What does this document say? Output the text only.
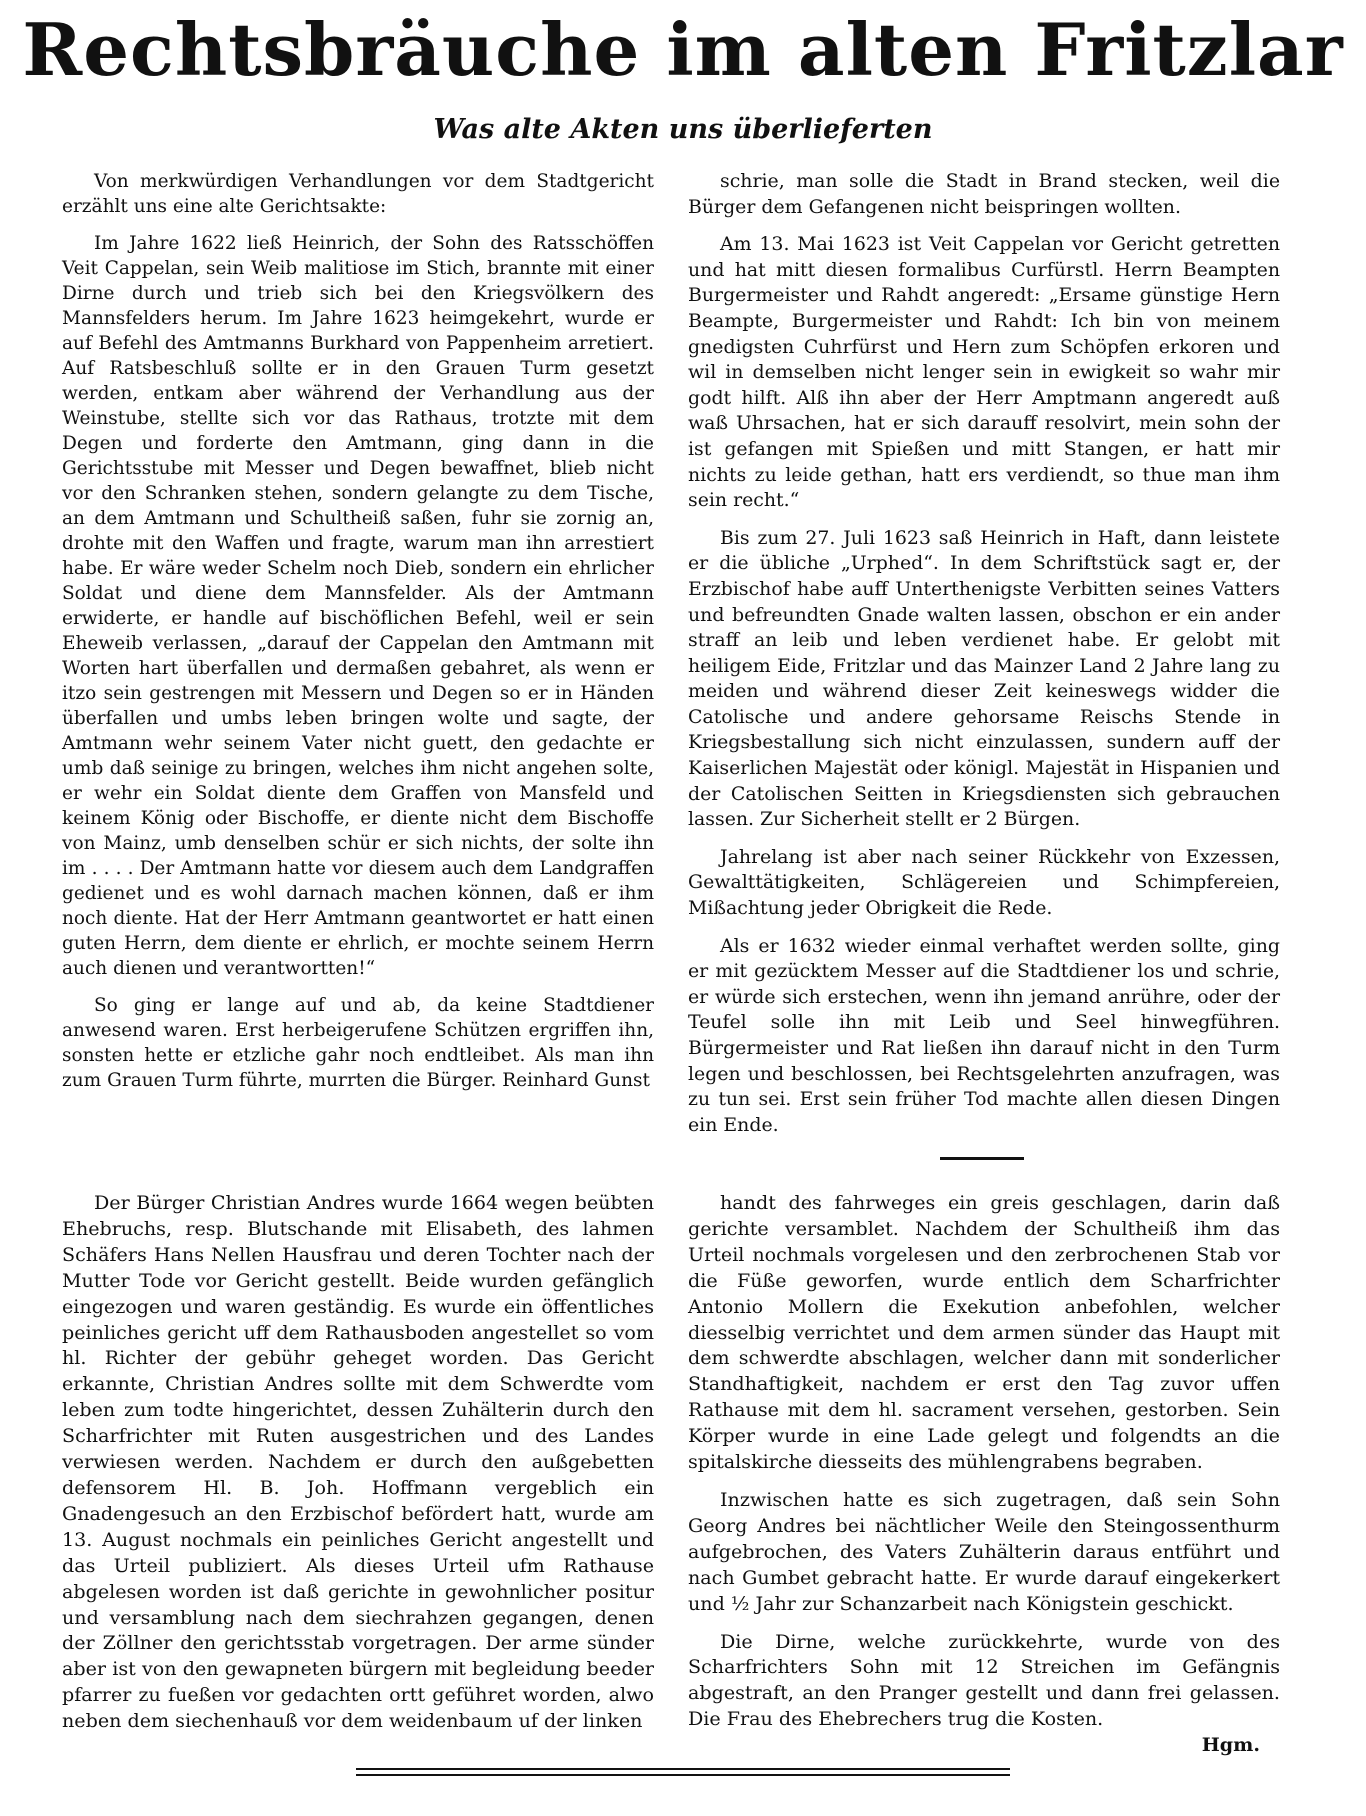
Rechtsbräuche im alten Fritzlar
Was alte Akten uns überlieferten

Von merkwürdigen Verhandlungen vor dem Stadtgericht erzählt uns eine alte Gerichtsakte:

Im Jahre 1622 ließ Heinrich, der Sohn des Ratsschöffen Veit Cappelan, sein Weib malitiose im Stich, brannte mit einer Dirne durch und trieb sich bei den Kriegsvölkern des Mannsfelders herum. Im Jahre 1623 heimgekehrt, wurde er auf Befehl des Amtmanns Burkhard von Pappenheim arretiert. Auf Ratsbeschluß sollte er in den Grauen Turm gesetzt werden, entkam aber während der Verhandlung aus der Weinstube, stellte sich vor das Rathaus, trotzte mit dem Degen und forderte den Amtmann, ging dann in die Gerichtsstube mit Messer und Degen bewaffnet, blieb nicht vor den Schranken stehen, sondern gelangte zu dem Tische, an dem Amtmann und Schultheiß saßen, fuhr sie zornig an, drohte mit den Waffen und fragte, warum man ihn arrestiert habe. Er wäre weder Schelm noch Dieb, sondern ein ehrlicher Soldat und diene dem Mannsfelder. Als der Amtmann erwiderte, er handle auf bischöflichen Befehl, weil er sein Eheweib verlassen, „darauf der Cappelan den Amtmann mit Worten hart überfallen und dermaßen gebahret, als wenn er itzo sein gestrengen mit Messern und Degen so er in Händen überfallen und umbs leben bringen wolte und sagte, der Amtmann wehr seinem Vater nicht guett, den gedachte er umb daß seinige zu bringen, welches ihm nicht angehen solte, er wehr ein Soldat diente dem Graffen von Mansfeld und keinem König oder Bischoffe, er diente nicht dem Bischoffe von Mainz, umb denselben schür er sich nichts, der solte ihn im . . . . Der Amtmann hatte vor diesem auch dem Landgraffen gedienet und es wohl darnach machen können, daß er ihm noch diente. Hat der Herr Amtmann geantwortet er hatt einen guten Herrn, dem diente er ehrlich, er mochte seinem Herrn auch dienen und verantwortten!“

So ging er lange auf und ab, da keine Stadtdiener anwesend waren. Erst herbeigerufene Schützen ergriffen ihn, sonsten hette er etzliche gahr noch endtleibet. Als man ihn zum Grauen Turm führte, murrten die Bürger. Reinhard Gunst

schrie, man solle die Stadt in Brand stecken, weil die Bürger dem Gefangenen nicht beispringen wollten.

Am 13. Mai 1623 ist Veit Cappelan vor Gericht getretten und hat mitt diesen formalibus Curfürstl. Herrn Beampten Burgermeister und Rahdt angeredt: „Ersame günstige Hern Beampte, Burgermeister und Rahdt: Ich bin von meinem gnedigsten Cuhrfürst und Hern zum Schöpfen erkoren und wil in demselben nicht lenger sein in ewigkeit so wahr mir godt hilft. Alß ihn aber der Herr Amptmann angeredt auß waß Uhrsachen, hat er sich darauff resolvirt, mein sohn der ist gefangen mit Spießen und mitt Stangen, er hatt mir nichts zu leide gethan, hatt ers verdiendt, so thue man ihm sein recht.“

Bis zum 27. Juli 1623 saß Heinrich in Haft, dann leistete er die übliche „Urphed“. In dem Schriftstück sagt er, der Erzbischof habe auff Unterthenigste Verbitten seines Vatters und befreundten Gnade walten lassen, obschon er ein ander straff an leib und leben verdienet habe. Er gelobt mit heiligem Eide, Fritzlar und das Mainzer Land 2 Jahre lang zu meiden und während dieser Zeit keineswegs widder die Catolische und andere gehorsame Reischs Stende in Kriegsbestallung sich nicht einzulassen, sundern auff der Kaiserlichen Majestät oder königl. Majestät in Hispanien und der Catolischen Seitten in Kriegsdienstеn sich gebrauchen lassen. Zur Sicherheit stellt er 2 Bürgen.

Jahrelang ist aber nach seiner Rückkehr von Exzessen, Gewalttätigkeiten, Schlägereien und Schimpfereien, Mißachtung jeder Obrigkeit die Rede.

Als er 1632 wieder einmal verhaftet werden sollte, ging er mit gezücktem Messer auf die Stadtdiener los und schrie, er würde sich erstechen, wenn ihn jemand anrühre, oder der Teufel solle ihn mit Leib und Seel hinwegführen. Bürgermeister und Rat ließen ihn darauf nicht in den Turm legen und beschlossen, bei Rechtsgelehrten anzufragen, was zu tun sei. Erst sein früher Tod machte allen diesen Dingen ein Ende.

Der Bürger Christian Andres wurde 1664 wegen beübten Ehebruchs, resp. Blutschande mit Elisabeth, des lahmen Schäfers Hans Nellen Hausfrau und deren Tochter nach der Mutter Tode vor Gericht gestellt. Beide wurden gefänglich eingezogen und waren geständig. Es wurde ein öffentliches peinliches gericht uff dem Rathausboden angestellet so vom hl. Richter der gebühr geheget worden. Das Gericht erkannte, Christian Andres sollte mit dem Schwerdte vom leben zum todte hingerichtet, dessen Zuhälterin durch den Scharfrichter mit Ruten ausgestrichen und des Landes verwiesen werden. Nachdem er durch den außgebetten defensorem Hl. B. Joh. Hoffmann vergeblich ein Gnadengesuch an den Erzbischof befördert hatt, wurde am 13. August nochmals ein peinliches Gericht angestellt und das Urteil publiziert. Als dieses Urteil ufm Rathause abgelesen worden ist daß gerichte in gewohnlicher positur und versamblung nach dem siechrahzen gegangen, denen der Zöllner den gerichtsstab vorgetragen. Der arme sünder aber ist von den gewapneten bürgern mit begleidung beeder pfarrer zu fueßen vor gedachten ortt geführet worden, alwo neben dem siechenhauß vor dem weidenbaum uf der linken

handt des fahrweges ein greis geschlagen, darin daß gerichte versamblet. Nachdem der Schultheiß ihm das Urteil nochmals vorgelesen und den zerbrochenen Stab vor die Füße geworfen, wurde entlich dem Scharfrichter Antonio Mollern die Exekution anbefohlen, welcher diesselbig verrichtet und dem armen sünder das Haupt mit dem schwerdte abschlagen, welcher dann mit sonderlicher Standhaftigkeit, nachdem er erst den Tag zuvor uffen Rathause mit dem hl. sacrament versehen, gestorben. Sein Körper wurde in eine Lade gelegt und folgendts an die spitalskirche diesseits des mühlengrabens begraben.

Inzwischen hatte es sich zugetragen, daß sein Sohn Georg Andres bei nächtlicher Weile den Steingossenthurm aufgebrochen, des Vaters Zuhälterin daraus entführt und nach Gumbet gebracht hatte. Er wurde darauf eingekerkert und ½ Jahr zur Schanzarbeit nach Königstein geschickt.

Die Dirne, welche zurückkehrte, wurde von des Scharfrichters Sohn mit 12 Streichen im Gefängnis abgestraft, an den Pranger gestellt und dann frei gelassen. Die Frau des Ehebrechers trug die Kosten.

Hgm.
